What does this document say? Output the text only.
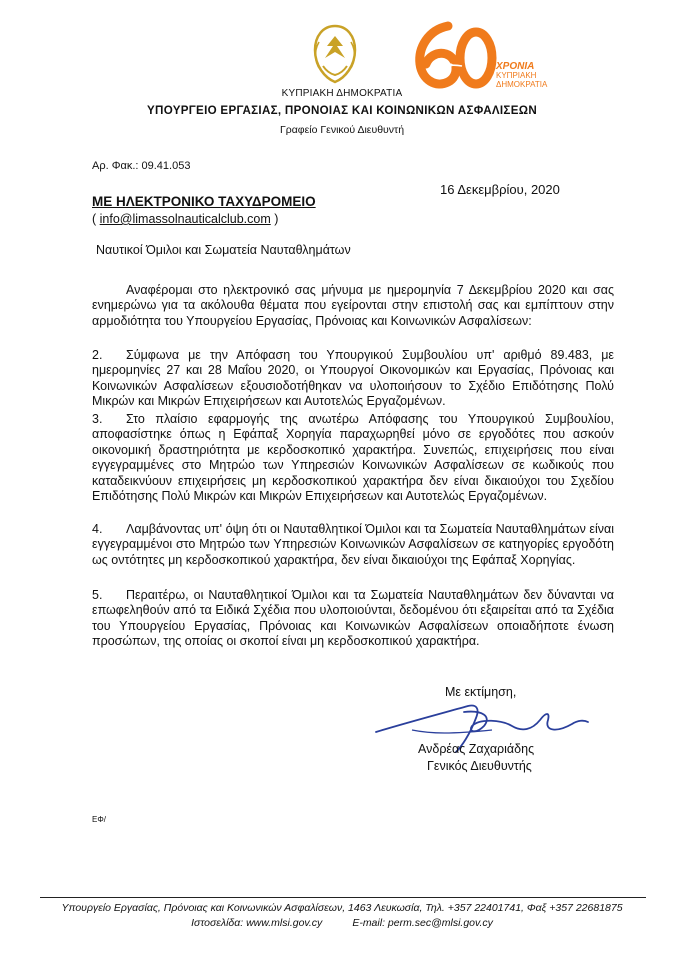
ΧΡΟΝΙΑ
ΚΥΠΡΙΑΚΗ
ΔΗΜΟΚΡΑΤΙΑ
ΚΥΠΡΙΑΚΗ ΔΗΜΟΚΡΑΤΙΑ
ΥΠΟΥΡΓΕΙΟ ΕΡΓΑΣΙΑΣ, ΠΡΟΝΟΙΑΣ ΚΑΙ ΚΟΙΝΩΝΙΚΩΝ ΑΣΦΑΛΙΣΕΩΝ
Γραφείο Γενικού Διευθυντή
Αρ. Φακ.: 09.41.053
16 Δεκεμβρίου, 2020
ΜΕ ΗΛΕΚΤΡΟΝΙΚΟ ΤΑΧΥΔΡΟΜΕΙΟ
( info@limassolnauticalclub.com )
Ναυτικοί Όμιλοι και Σωματεία Ναυταθλημάτων
Αναφέρομαι στο ηλεκτρονικό σας μήνυμα με ημερομηνία 7 Δεκεμβρίου 2020 και σας ενημερώνω για τα ακόλουθα θέματα που εγείρονται στην επιστολή σας και εμπίπτουν στην αρμοδιότητα του Υπουργείου Εργασίας, Πρόνοιας και Κοινωνικών Ασφαλίσεων:
2. Σύμφωνα με την Απόφαση του Υπουργικού Συμβουλίου υπ' αριθμό 89.483, με ημερομηνίες 27 και 28 Μαΐου 2020, οι Υπουργοί Οικονομικών και Εργασίας, Πρόνοιας και Κοινωνικών Ασφαλίσεων εξουσιοδοτήθηκαν να υλοποιήσουν το Σχέδιο Επιδότησης Πολύ Μικρών και Μικρών Επιχειρήσεων και Αυτοτελώς Εργαζομένων.
3. Στο πλαίσιο εφαρμογής της ανωτέρω Απόφασης του Υπουργικού Συμβουλίου, αποφασίστηκε όπως η Εφάπαξ Χορηγία παραχωρηθεί μόνο σε εργοδότες που ασκούν οικονομική δραστηριότητα με κερδοσκοπικό χαρακτήρα. Συνεπώς, επιχειρήσεις που είναι εγγεγραμμένες στο Μητρώο των Υπηρεσιών Κοινωνικών Ασφαλίσεων σε κωδικούς που καταδεικνύουν επιχειρήσεις μη κερδοσκοπικού χαρακτήρα δεν είναι δικαιούχοι του Σχεδίου Επιδότησης Πολύ Μικρών και Μικρών Επιχειρήσεων και Αυτοτελώς Εργαζομένων.
4. Λαμβάνοντας υπ' όψη ότι οι Ναυταθλητικοί Όμιλοι και τα Σωματεία Ναυταθλημάτων είναι εγγεγραμμένοι στο Μητρώο των Υπηρεσιών Κοινωνικών Ασφαλίσεων σε κατηγορίες εργοδότη ως οντότητες μη κερδοσκοπικού χαρακτήρα, δεν είναι δικαιούχοι της Εφάπαξ Χορηγίας.
5. Περαιτέρω, οι Ναυταθλητικοί Όμιλοι και τα Σωματεία Ναυταθλημάτων δεν δύνανται να επωφεληθούν από τα Ειδικά Σχέδια που υλοποιούνται, δεδομένου ότι εξαιρείται από τα Σχέδια του Υπουργείου Εργασίας, Πρόνοιας και Κοινωνικών Ασφαλίσεων οποιαδήποτε ένωση προσώπων, της οποίας οι σκοποί είναι μη κερδοσκοπικού χαρακτήρα.
Με εκτίμηση,
Ανδρέας Ζαχαριάδης
Γενικός Διευθυντής
ΕΦ/
Υπουργείο Εργασίας, Πρόνοιας και Κοινωνικών Ασφαλίσεων, 1463 Λευκωσία, Τηλ. +357 22401741, Φαξ +357 22681875
Ιστοσελίδα: www.mlsi.gov.cy	E-mail: perm.sec@mlsi.gov.cy
